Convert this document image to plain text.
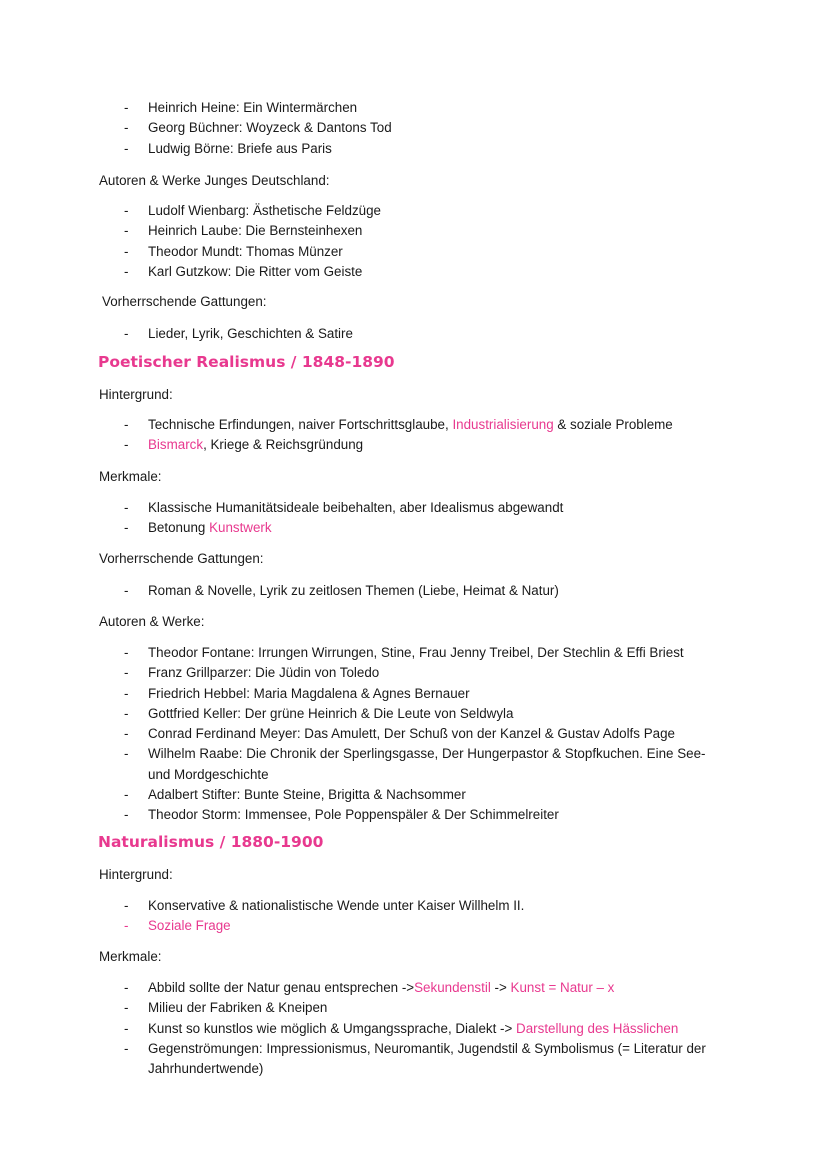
- Heinrich Heine: Ein Wintermärchen
- Georg Büchner: Woyzeck & Dantons Tod
- Ludwig Börne: Briefe aus Paris
Autoren & Werke Junges Deutschland:
- Ludolf Wienbarg: Ästhetische Feldzüge
- Heinrich Laube: Die Bernsteinhexen
- Theodor Mundt: Thomas Münzer
- Karl Gutzkow: Die Ritter vom Geiste
Vorherrschende Gattungen:
- Lieder, Lyrik, Geschichten & Satire
Poetischer Realismus / 1848-1890
Hintergrund:
- Technische Erfindungen, naiver Fortschrittsglaube, Industrialisierung & soziale Probleme
- Bismarck, Kriege & Reichsgründung
Merkmale:
- Klassische Humanitätsideale beibehalten, aber Idealismus abgewandt
- Betonung Kunstwerk
Vorherrschende Gattungen:
- Roman & Novelle, Lyrik zu zeitlosen Themen (Liebe, Heimat & Natur)
Autoren & Werke:
- Theodor Fontane: Irrungen Wirrungen, Stine, Frau Jenny Treibel, Der Stechlin & Effi Briest
- Franz Grillparzer: Die Jüdin von Toledo
- Friedrich Hebbel: Maria Magdalena & Agnes Bernauer
- Gottfried Keller: Der grüne Heinrich & Die Leute von Seldwyla
- Conrad Ferdinand Meyer: Das Amulett, Der Schuß von der Kanzel & Gustav Adolfs Page
- Wilhelm Raabe: Die Chronik der Sperlingsgasse, Der Hungerpastor & Stopfkuchen. Eine See- und Mordgeschichte
- Adalbert Stifter: Bunte Steine, Brigitta & Nachsommer
- Theodor Storm: Immensee, Pole Poppenspäler & Der Schimmelreiter
Naturalismus / 1880-1900
Hintergrund:
- Konservative & nationalistische Wende unter Kaiser Willhelm II.
- Soziale Frage
Merkmale:
- Abbild sollte der Natur genau entsprechen ->Sekundenstil -> Kunst = Natur – x
- Milieu der Fabriken & Kneipen
- Kunst so kunstlos wie möglich & Umgangssprache, Dialekt -> Darstellung des Hässlichen
- Gegenströmungen: Impressionismus, Neuromantik, Jugendstil & Symbolismus (= Literatur der Jahrhundertwende)
